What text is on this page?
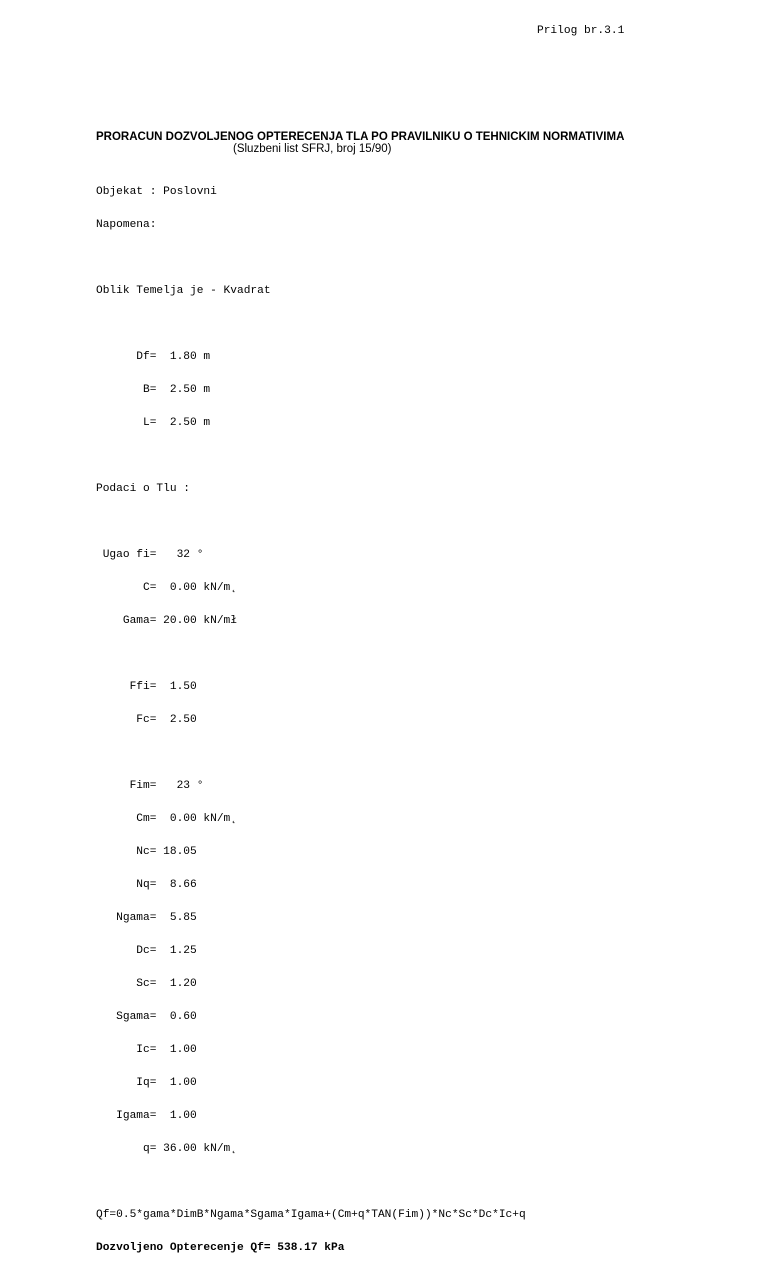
Prilog br.3.1
PRORACUN DOZVOLJENOG OPTERECENJA TLA PO PRAVILNIKU O TEHNICKIM NORMATIVIMA
(Sluzbeni list SFRJ, broj 15/90)

Objekat : Poslovni

Napomena:

Oblik Temelja je - Kvadrat

Df=  1.80 m

B=  2.50 m

L=  2.50 m

Podaci o Tlu :

Ugao fi=   32 °

C=  0.00 kN/m˛

Gama= 20.00 kN/mł

Ffi=  1.50

Fc=  2.50

Fim=   23 °

Cm=  0.00 kN/m˛

Nc= 18.05

Nq=  8.66

Ngama=  5.85

Dc=  1.25

Sc=  1.20

Sgama=  0.60

Ic=  1.00

Iq=  1.00

Igama=  1.00

q= 36.00 kN/m˛

Qf=0.5*gama*DimB*Ngama*Sgama*Igama+(Cm+q*TAN(Fim))*Nc*Sc*Dc*Ic+q

Dozvoljeno Opterecenje Qf= 538.17 kPa
